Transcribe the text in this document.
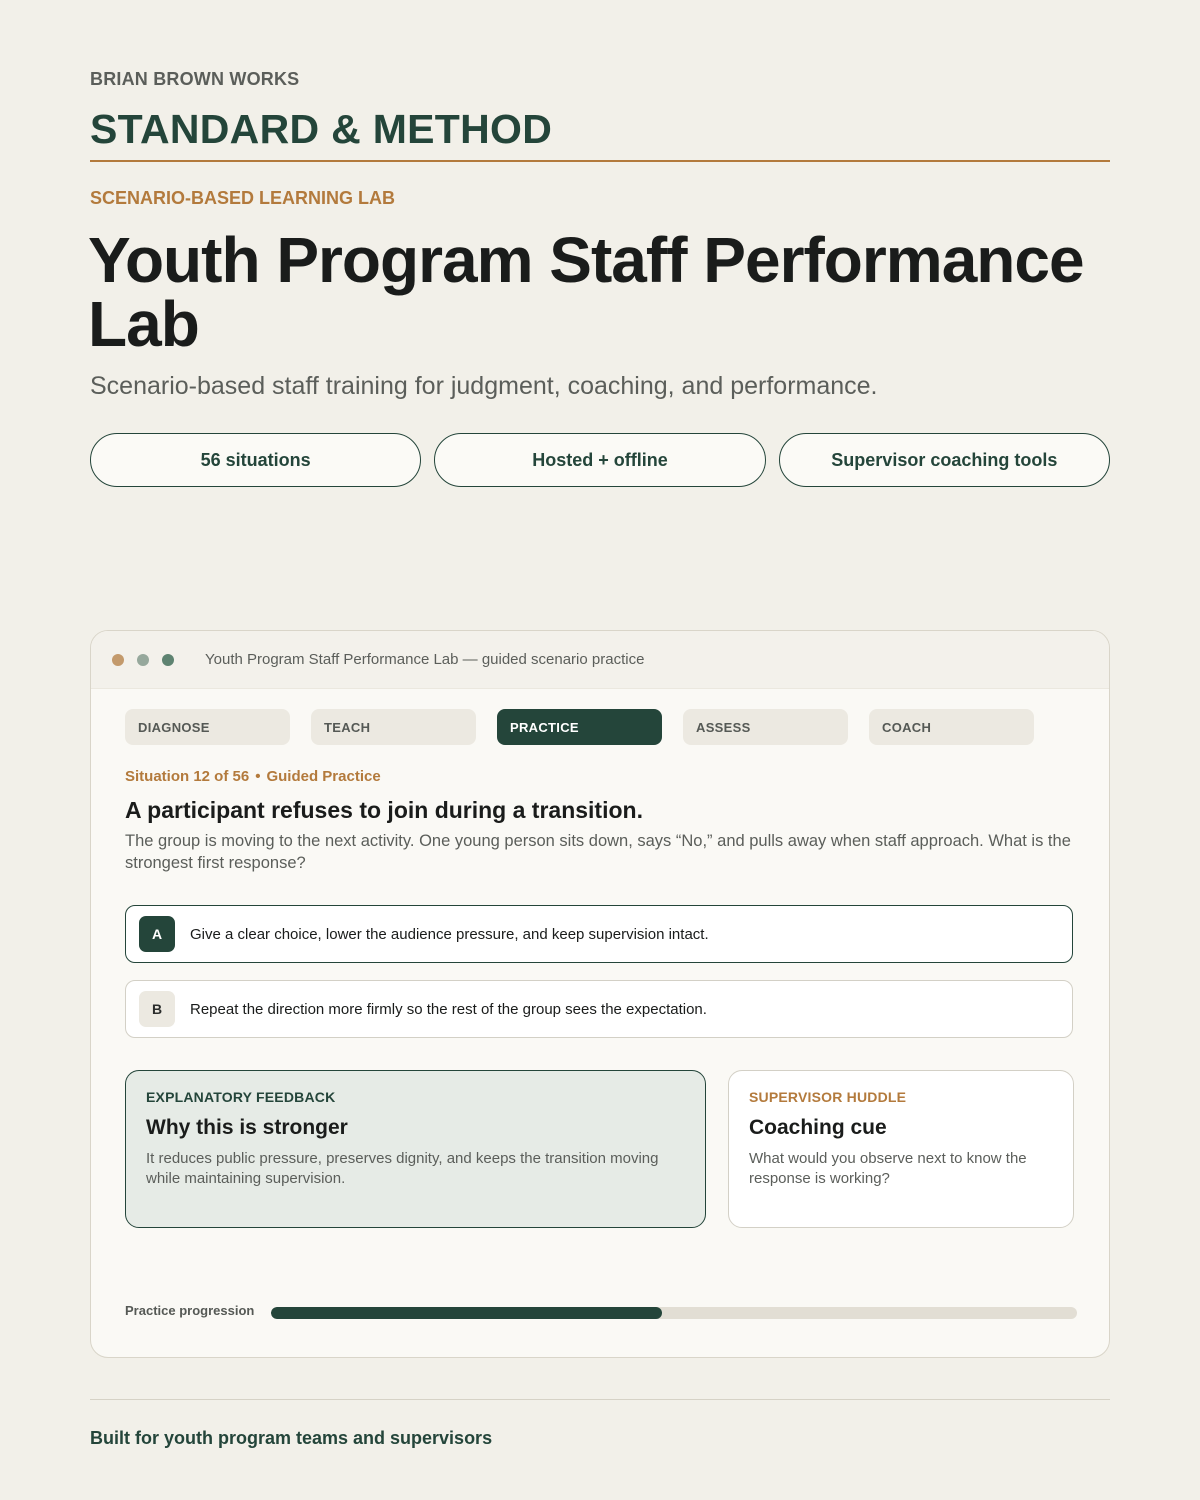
BRIAN BROWN WORKS
STANDARD & METHOD
SCENARIO-BASED LEARNING LAB
Youth Program Staff Performance Lab
Scenario-based staff training for judgment, coaching, and performance.
56 situations	Hosted + offline	Supervisor coaching tools
Youth Program Staff Performance Lab — guided scenario practice
DIAGNOSE	TEACH	PRACTICE	ASSESS	COACH
Situation 12 of 56 • Guided Practice
A participant refuses to join during a transition.
The group is moving to the next activity. One young person sits down, says “No,” and pulls away when staff approach. What is the strongest first response?
A	Give a clear choice, lower the audience pressure, and keep supervision intact.
B	Repeat the direction more firmly so the rest of the group sees the expectation.
EXPLANATORY FEEDBACK
Why this is stronger
It reduces public pressure, preserves dignity, and keeps the transition moving while maintaining supervision.
SUPERVISOR HUDDLE
Coaching cue
What would you observe next to know the response is working?
Practice progression
Built for youth program teams and supervisors
